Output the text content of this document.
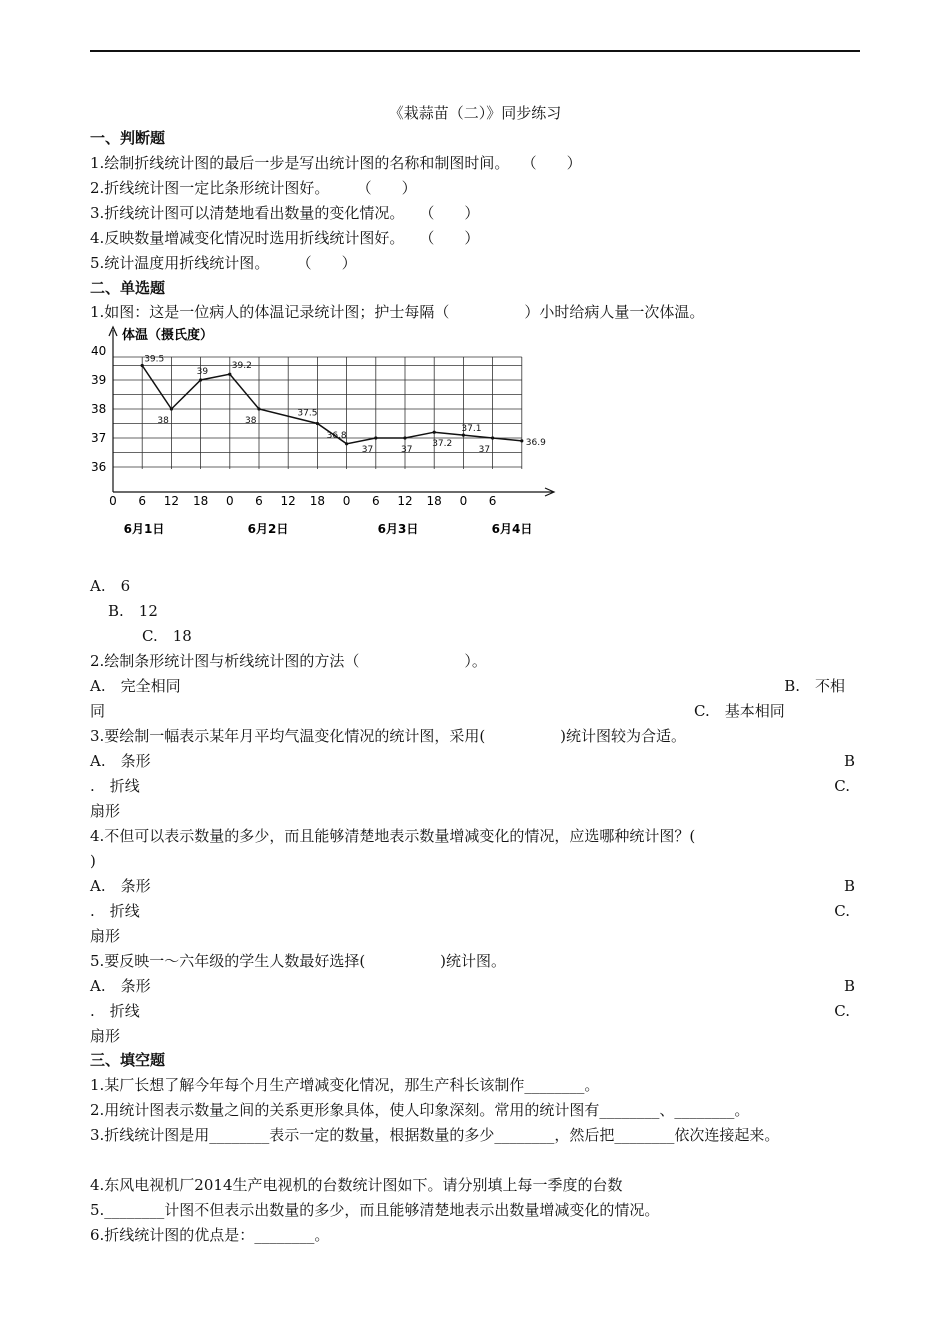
《栽蒜苗（二）》同步练习
一、判断题
1.绘制折线统计图的最后一步是写出统计图的名称和制图时间。　 （　　）
2.折线统计图一定比条形统计图好。　　 （　　）
3.折线统计图可以清楚地看出数量的变化情况。　　（　　）
4.反映数量增减变化情况时选用折线统计图好。　　（　　）
5.统计温度用折线统计图。　　 （　　）
二、单选题
1.如图：这是一位病人的体温记录统计图；护士每隔（　　　　　）小时给病人量一次体温。
36
37
38
39
40
0 6 12 18 0 6 12 18 0 6 12 18 0 6
6月1日	6月2日	6月3日	6月4日
39.5
38
39
39.2
38
37.5
36.8
37	37
37.2
37.1
37
36.9
体温（摄氏度）
A.　6
B.　12
C.　18
2.绘制条形统计图与析线统计图的方法（　　　　　　　）。
A.　完全相同	B.　不相
同	C.　基本相同
3.要绘制一幅表示某年月平均气温变化情况的统计图，采用(　　　　　)统计图较为合适。
A.　条形	B
.　折线	C.
扇形
4.不但可以表示数量的多少，而且能够清楚地表示数量增减变化的情况，应选哪种统计图？(
)
A.　条形	B
.　折线	C.
扇形
5.要反映一～六年级的学生人数最好选择(　　　　　)统计图。
A.　条形	B
.　折线	C.
扇形
三、填空题
1.某厂长想了解今年每个月生产增减变化情况，那生产科长该制作________。
2.用统计图表示数量之间的关系更形象具体，使人印象深刻。常用的统计图有________、________。
3.折线统计图是用________表示一定的数量，根据数量的多少________，然后把________依次连接起来。
4.东风电视机厂2014生产电视机的台数统计图如下。请分别填上每一季度的台数
5.________计图不但表示出数量的多少，而且能够清楚地表示出数量增减变化的情况。
6.折线统计图的优点是：________。
